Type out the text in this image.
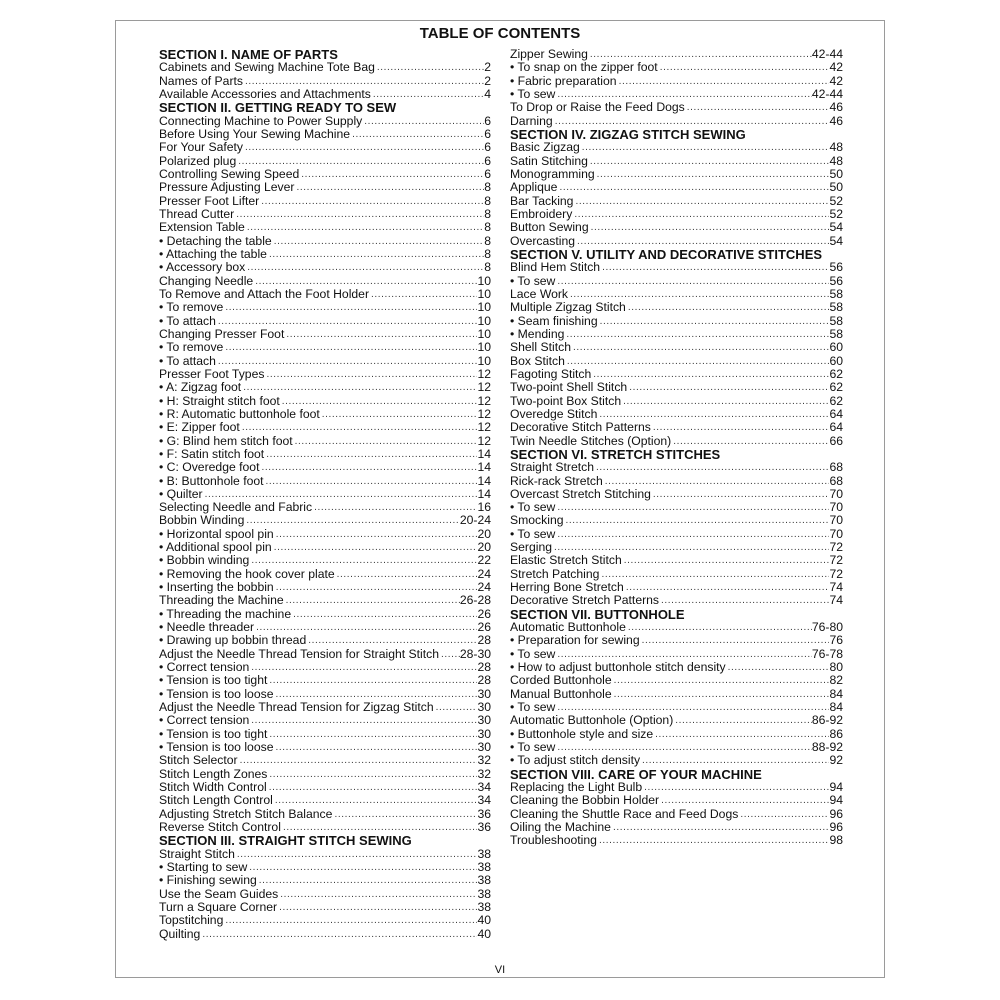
TABLE OF CONTENTS
SECTION I. NAME OF PARTS
Cabinets and Sewing Machine Tote Bag .....	2
Names of Parts .....	2
Available Accessories and Attachments .....	4
SECTION II. GETTING READY TO SEW
Connecting Machine to Power Supply .....	6
Before Using Your Sewing Machine .....	6
For Your Safety .....	6
Polarized plug .....	6
Controlling Sewing Speed .....	6
Pressure Adjusting Lever .....	8
Presser Foot Lifter .....	8
Thread Cutter .....	8
Extension Table .....	8
• Detaching the table .....	8
• Attaching the table .....	8
• Accessory box .....	8
Changing Needle .....	10
To Remove and Attach the Foot Holder .....	10
• To remove .....	10
• To attach .....	10
Changing Presser Foot .....	10
• To remove .....	10
• To attach .....	10
Presser Foot Types .....	12
• A: Zigzag foot .....	12
• H: Straight stitch foot .....	12
• R: Automatic buttonhole foot .....	12
• E: Zipper foot .....	12
• G: Blind hem stitch foot .....	12
• F: Satin stitch foot .....	14
• C: Overedge foot .....	14
• B: Buttonhole foot .....	14
• Quilter .....	14
Selecting Needle and Fabric .....	16
Bobbin Winding .....	20-24
• Horizontal spool pin .....	20
• Additional spool pin .....	20
• Bobbin winding .....	22
• Removing the hook cover plate .....	24
• Inserting the bobbin .....	24
Threading the Machine .....	26-28
• Threading the machine .....	26
• Needle threader .....	26
• Drawing up bobbin thread .....	28
Adjust the Needle Thread Tension for Straight Stitch ..... 28-30
• Correct tension .....	28
• Tension is too tight .....	28
• Tension is too loose .....	30
Adjust the Needle Thread Tension for Zigzag Stitch .....	30
• Correct tension .....	30
• Tension is too tight .....	30
• Tension is too loose .....	30
Stitch Selector .....	32
Stitch Length Zones .....	32
Stitch Width Control .....	34
Stitch Length Control .....	34
Adjusting Stretch Stitch Balance .....	36
Reverse Stitch Control .....	36
SECTION III. STRAIGHT STITCH SEWING
Straight Stitch .....	38
• Starting to sew .....	38
• Finishing sewing .....	38
Use the Seam Guides .....	38
Turn a Square Corner .....	38
Topstitching .....	40
Quilting .....	40
Zipper Sewing .....	42-44
• To snap on the zipper foot .....	42
• Fabric preparation .....	42
• To sew .....	42-44
To Drop or Raise the Feed Dogs .....	46
Darning .....	46
SECTION IV. ZIGZAG STITCH SEWING
Basic Zigzag .....	48
Satin Stitching .....	48
Monogramming .....	50
Applique .....	50
Bar Tacking .....	52
Embroidery .....	52
Button Sewing .....	54
Overcasting .....	54
SECTION V. UTILITY AND DECORATIVE STITCHES
Blind Hem Stitch .....	56
• To sew .....	56
Lace Work .....	58
Multiple Zigzag Stitch .....	58
• Seam finishing .....	58
• Mending .....	58
Shell Stitch .....	60
Box Stitch .....	60
Fagoting Stitch .....	62
Two-point Shell Stitch .....	62
Two-point Box Stitch .....	62
Overedge Stitch .....	64
Decorative Stitch Patterns .....	64
Twin Needle Stitches (Option) .....	66
SECTION VI. STRETCH STITCHES
Straight Stretch .....	68
Rick-rack Stretch .....	68
Overcast Stretch Stitching .....	70
• To sew .....	70
Smocking .....	70
• To sew .....	70
Serging .....	72
Elastic Stretch Stitch .....	72
Stretch Patching .....	72
Herring Bone Stretch .....	74
Decorative Stretch Patterns .....	74
SECTION VII. BUTTONHOLE
Automatic Buttonhole .....	76-80
• Preparation for sewing .....	76
• To sew .....	76-78
• How to adjust buttonhole stitch density .....	80
Corded Buttonhole .....	82
Manual Buttonhole .....	84
• To sew .....	84
Automatic Buttonhole (Option) .....	86-92
• Buttonhole style and size .....	86
• To sew .....	88-92
• To adjust stitch density .....	92
SECTION VIII. CARE OF YOUR MACHINE
Replacing the Light Bulb .....	94
Cleaning the Bobbin Holder .....	94
Cleaning the Shuttle Race and Feed Dogs .....	96
Oiling the Machine .....	96
Troubleshooting .....	98
VI
